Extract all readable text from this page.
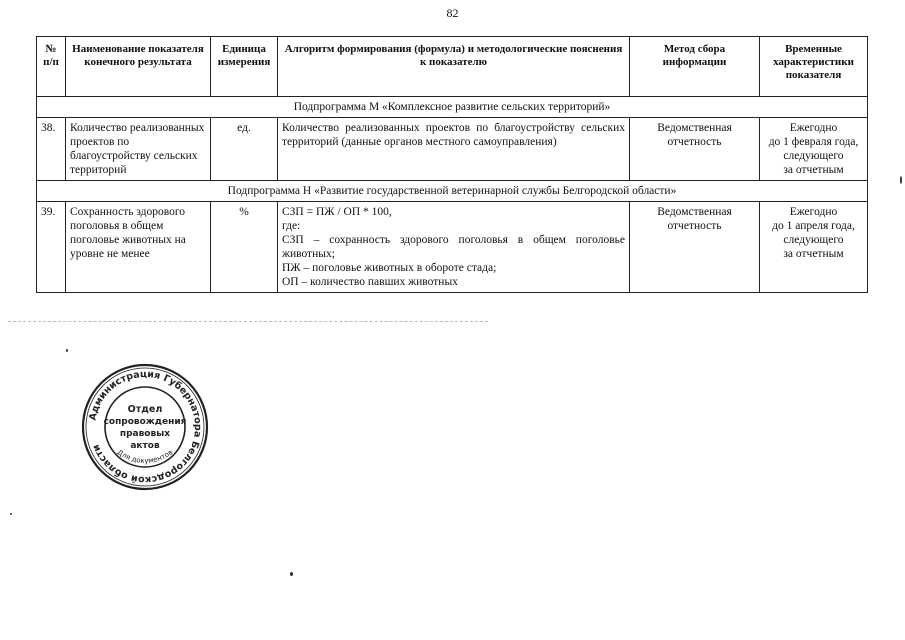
82
№ п/п	Наименование показателя конечного результата	Единица измерения	Алгоритм формирования (формула) и методологические пояснения к показателю	Метод сбора информации	Временные характеристики показателя
Подпрограмма М «Комплексное развитие сельских территорий»					
38.	Количество реализованных проектов по благоустройству сельских территорий	ед.	Количество реализованных проектов по благоустройству сельских территорий (данные органов местного самоуправления)	Ведомственная отчетность	Ежегодно
до 1 февраля года,
следующего
за отчетным

Подпрограмма Н «Развитие государственной ветеринарной службы Белгородской области»					
39.	Сохранность здорового поголовья в общем поголовье животных на уровне не менее	%	СЗП = ПЖ / ОП * 100,
где:
СЗП – сохранность здорового поголовья в общем поголовье животных;
ПЖ – поголовье животных в обороте стада;
ОП – количество павших животных	Ведомственная отчетность	Ежегодно
до 1 апреля года,
следующего
за отчетным
Администрация Губернатора Белгородской области	Для документов
Отдел
сопровождения
правовых
актов
